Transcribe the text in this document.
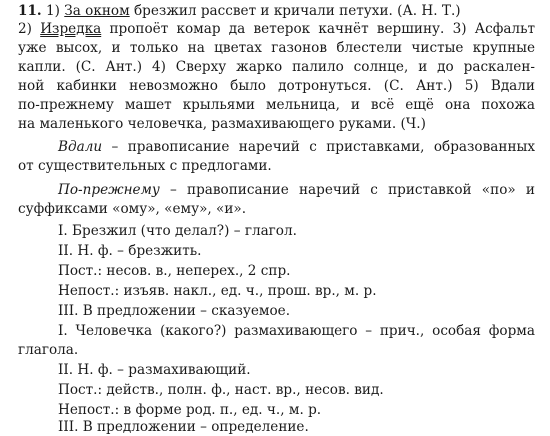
11. 1) За окном брезжил рассвет и кричали петухи. (А. Н. Т.)
2) Изредка пропоёт комар да ветерок качнёт вершину. 3) Асфальт
уже высох, и только на цветах газонов блестели чистые крупные
капли. (С. Ант.) 4) Сверху жарко палило солнце, и до раскален-
ной кабинки невозможно было дотронуться. (С. Ант.) 5) Вдали
по-прежнему машет крыльями мельница, и всё ещё она похожа
на маленького человечка, размахивающего руками. (Ч.)
Вдали – правописание наречий с приставками, образованных
от существительных с предлогами.
По-прежнему – правописание наречий с приставкой «по» и
суффиксами «ому», «ему», «и».
I. Брезжил (что делал?) – глагол.
II. Н. ф. – брезжить.
Пост.: несов. в., неперех., 2 спр.
Непост.: изъяв. накл., ед. ч., прош. вр., м. р.
III. В предложении – сказуемое.
I. Человечка (какого?) размахивающего – прич., особая форма
глагола.
II. Н. ф. – размахивающий.
Пост.: действ., полн. ф., наст. вр., несов. вид.
Непост.: в форме род. п., ед. ч., м. р.
III. В предложении – определение.
